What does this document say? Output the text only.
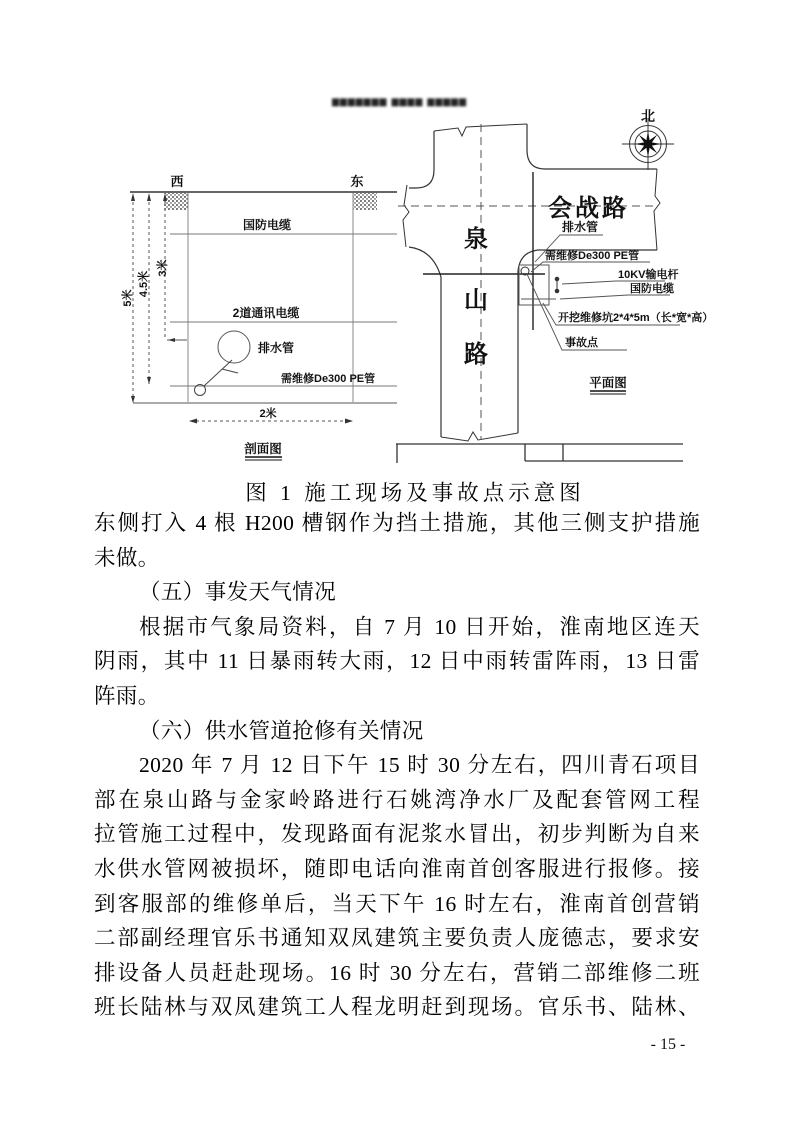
西	东
国防电缆
2道通讯电缆
排水管
需维修De300 PE管
5米
4.5米
3米
2米
剖面图
北
会战路
泉
山
路
排水管
需维修De300 PE管
10KV输电杆
国防电缆
开挖维修坑2*4*5m（长*宽*高）
事故点
平面图
▆▆▆▆▆▆▆ ▆▆▆▆ ▆▆▆▆▆
图 1 施工现场及事故点示意图
东侧打入 4 根 H200 槽钢作为挡土措施，其他三侧支护措施
未做。
（五）事发天气情况
根据市气象局资料，自 7 月 10 日开始，淮南地区连天
阴雨，其中 11 日暴雨转大雨，12 日中雨转雷阵雨，13 日雷
阵雨。
（六）供水管道抢修有关情况
2020 年 7 月 12 日下午 15 时 30 分左右，四川青石项目
部在泉山路与金家岭路进行石姚湾净水厂及配套管网工程
拉管施工过程中，发现路面有泥浆水冒出，初步判断为自来
水供水管网被损坏，随即电话向淮南首创客服进行报修。接
到客服部的维修单后，当天下午 16 时左右，淮南首创营销
二部副经理官乐书通知双凤建筑主要负责人庞德志，要求安
排设备人员赶赴现场。16 时 30 分左右，营销二部维修二班
班长陆林与双凤建筑工人程龙明赶到现场。官乐书、陆林、
- 15 -
